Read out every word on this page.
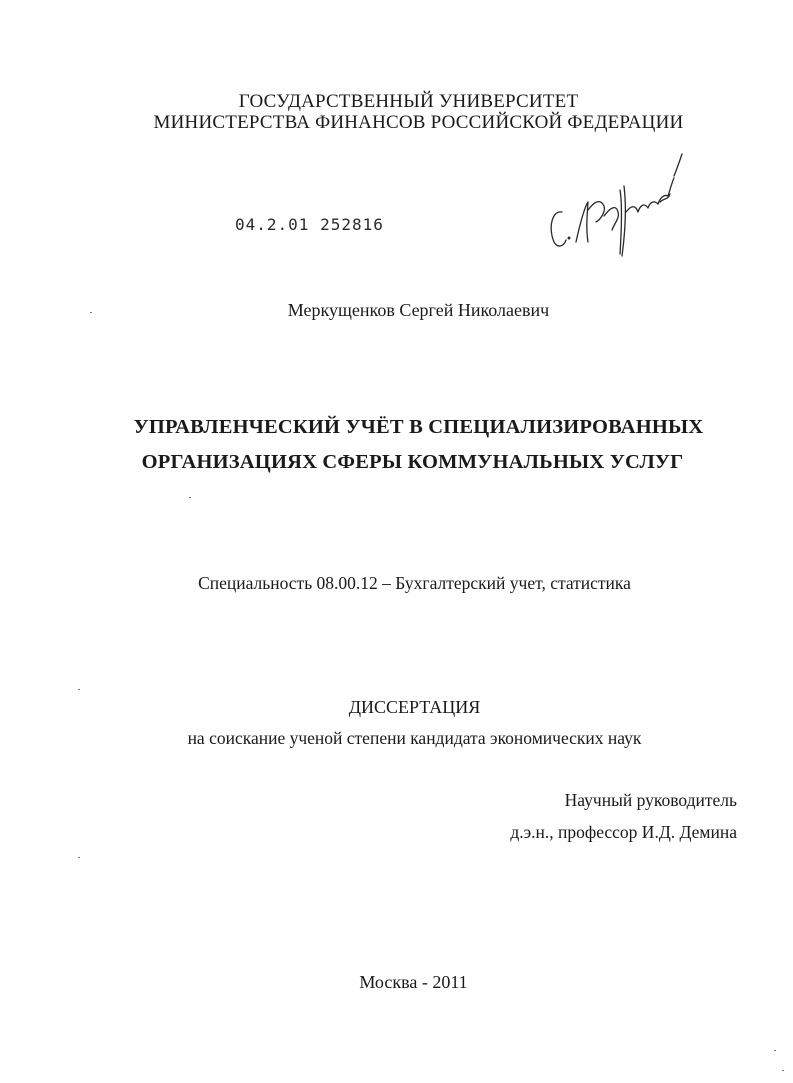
ГОСУДАРСТВЕННЫЙ УНИВЕРСИТЕТ
МИНИСТЕРСТВА ФИНАНСОВ РОССИЙСКОЙ ФЕДЕРАЦИИ
04.2.01 252816
Меркущенков Сергей Николаевич
УПРАВЛЕНЧЕСКИЙ УЧЁТ В СПЕЦИАЛИЗИРОВАННЫХ
ОРГАНИЗАЦИЯХ СФЕРЫ КОММУНАЛЬНЫХ УСЛУГ
Специальность 08.00.12 – Бухгалтерский учет, статистика
ДИССЕРТАЦИЯ
на соискание ученой степени кандидата экономических наук
Научный руководитель
д.э.н., профессор И.Д. Демина
Москва - 2011
